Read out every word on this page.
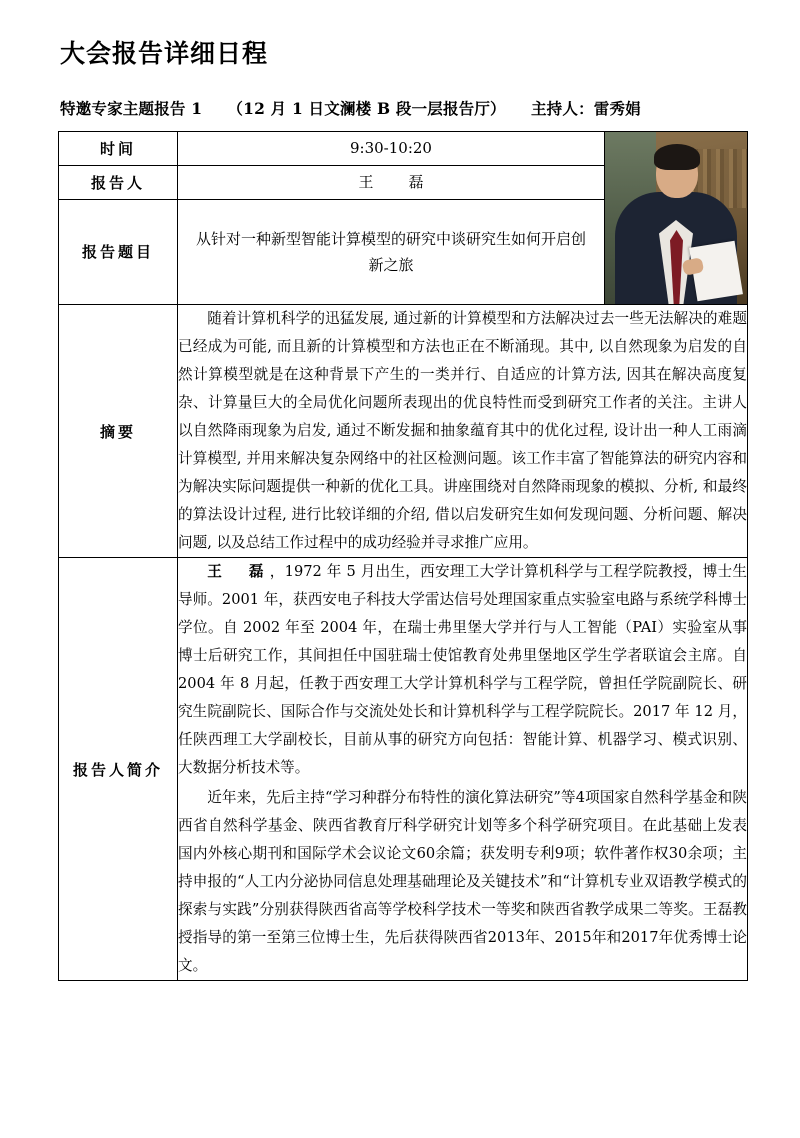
大会报告详细日程
特邀专家主题报告 1 （12 月 1 日文澜楼 B 段一层报告厅） 主持人：雷秀娟
时间	9:30-10:20	

报告人	王　磊	
报告题目	从针对一种新型智能计算模型的研究中谈研究生如何开启创新之旅	
摘要	随着计算机科学的迅猛发展, 通过新的计算模型和方法解决过去一些无法解决的难题已经成为可能, 而且新的计算模型和方法也正在不断涌现。其中, 以自然现象为启发的自然计算模型就是在这种背景下产生的一类并行、自适应的计算方法, 因其在解决高度复杂、计算量巨大的全局优化问题所表现出的优良特性而受到研究工作者的关注。主讲人以自然降雨现象为启发, 通过不断发掘和抽象蕴育其中的优化过程, 设计出一种人工雨滴计算模型, 并用来解决复杂网络中的社区检测问题。该工作丰富了智能算法的研究内容和为解决实际问题提供一种新的优化工具。讲座围绕对自然降雨现象的模拟、分析, 和最终的算法设计过程, 进行比较详细的介绍, 借以启发研究生如何发现问题、分析问题、解决问题, 以及总结工作过程中的成功经验并寻求推广应用。	

报告人简介	王　磊，1972 年 5 月出生，西安理工大学计算机科学与工程学院教授，博士生导师。2001 年，获西安电子科技大学雷达信号处理国家重点实验室电路与系统学科博士学位。自 2002 年至 2004 年，在瑞士弗里堡大学并行与人工智能（PAI）实验室从事博士后研究工作，其间担任中国驻瑞士使馆教育处弗里堡地区学生学者联谊会主席。自 2004 年 8 月起，任教于西安理工大学计算机科学与工程学院，曾担任学院副院长、研究生院副院长、国际合作与交流处处长和计算机科学与工程学院院长。2017 年 12 月，任陕西理工大学副校长，目前从事的研究方向包括：智能计算、机器学习、模式识别、大数据分析技术等。

近年来，先后主持“学习种群分布特性的演化算法研究”等4项国家自然科学基金和陕西省自然科学基金、陕西省教育厅科学研究计划等多个科学研究项目。在此基础上发表国内外核心期刊和国际学术会议论文60余篇；获发明专利9项；软件著作权30余项；主持申报的“人工内分泌协同信息处理基础理论及关键技术”和“计算机专业双语教学模式的探索与实践”分别获得陕西省高等学校科学技术一等奖和陕西省教学成果二等奖。王磊教授指导的第一至第三位博士生，先后获得陕西省2013年、2015年和2017年优秀博士论文。	
